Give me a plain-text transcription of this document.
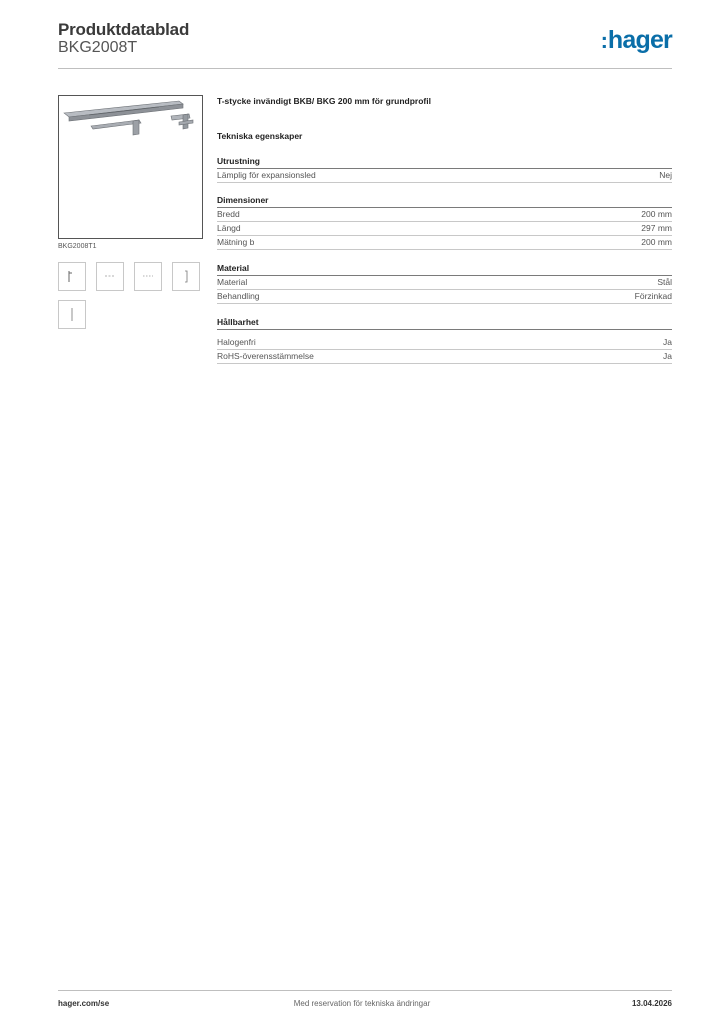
Produktdatablad
BKG2008T	:hager
BKG2008T1
T-stycke invändigt BKB/ BKG 200 mm för grundprofil
Tekniska egenskaper
Utrustning
Lämplig för expansionsled	Nej
Dimensioner
Bredd	200 mm
Längd	297 mm
Mätning b	200 mm
Material
Material	Stål
Behandling	Förzinkad
Hållbarhet
Halogenfri	Ja
RoHS-överensstämmelse	Ja
hager.com/se	Med reservation för tekniska ändringar	13.04.2026
